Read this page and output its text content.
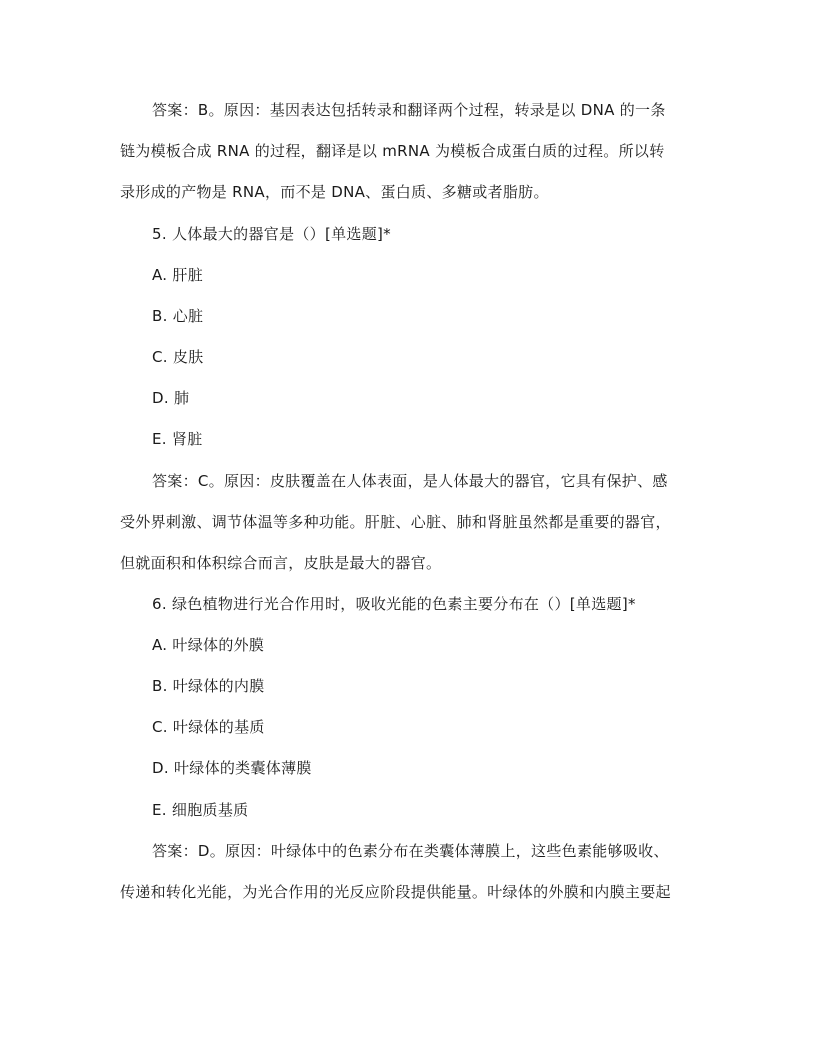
答案：B。原因：基因表达包括转录和翻译两个过程，转录是以 DNA 的一条
链为模板合成 RNA 的过程，翻译是以 mRNA 为模板合成蛋白质的过程。所以转
录形成的产物是 RNA，而不是 DNA、蛋白质、多糖或者脂肪。
5. 人体最大的器官是（）[单选题]*
A. 肝脏
B. 心脏
C. 皮肤
D. 肺
E. 肾脏
答案：C。原因：皮肤覆盖在人体表面，是人体最大的器官，它具有保护、感
受外界刺激、调节体温等多种功能。肝脏、心脏、肺和肾脏虽然都是重要的器官，
但就面积和体积综合而言，皮肤是最大的器官。
6. 绿色植物进行光合作用时，吸收光能的色素主要分布在（）[单选题]*
A. 叶绿体的外膜
B. 叶绿体的内膜
C. 叶绿体的基质
D. 叶绿体的类囊体薄膜
E. 细胞质基质
答案：D。原因：叶绿体中的色素分布在类囊体薄膜上，这些色素能够吸收、
传递和转化光能，为光合作用的光反应阶段提供能量。叶绿体的外膜和内膜主要起
